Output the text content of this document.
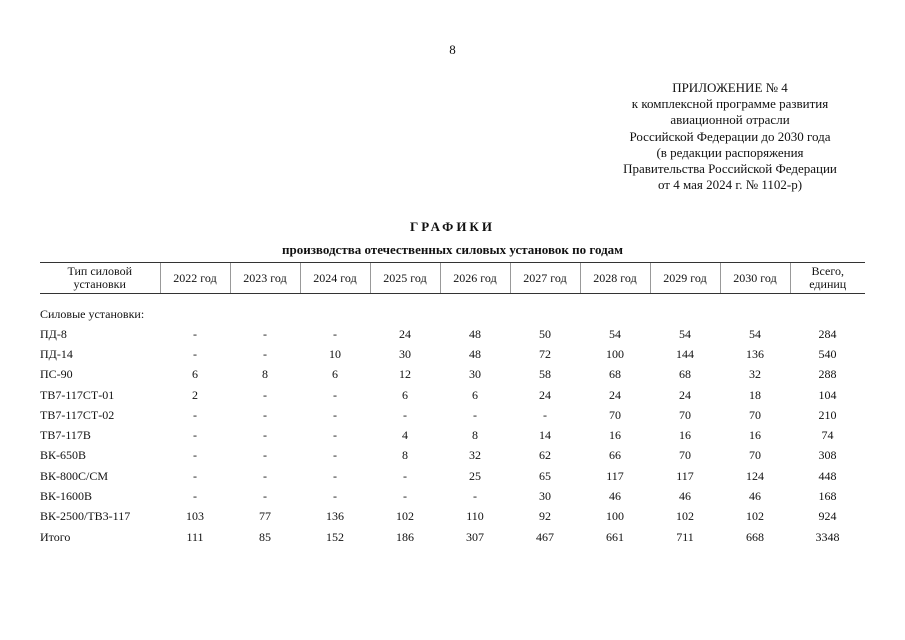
8
ПРИЛОЖЕНИЕ № 4
к комплексной программе развития
авиационной отрасли
Российской Федерации до 2030 года
(в редакции распоряжения
Правительства Российской Федерации
от 4 мая 2024 г. № 1102-р)
ГРАФИКИ
производства отечественных силовых установок по годам
Тип силовой установки	2022 год	2023 год	2024 год	2025 год	2026 год	2027 год	2028 год	2029 год	2030 год	Всего, единиц
Силовые установки:										
ПД-8	-	-	-	24	48	50	54	54	54	284
ПД-14	-	-	10	30	48	72	100	144	136	540
ПС-90	6	8	6	12	30	58	68	68	32	288
ТВ7-117СТ-01	2	-	-	6	6	24	24	24	18	104
ТВ7-117СТ-02	-	-	-	-	-	-	70	70	70	210
ТВ7-117В	-	-	-	4	8	14	16	16	16	74
ВК-650В	-	-	-	8	32	62	66	70	70	308
ВК-800С/СМ	-	-	-	-	25	65	117	117	124	448
ВК-1600В	-	-	-	-	-	30	46	46	46	168
ВК-2500/ТВ3-117	103	77	136	102	110	92	100	102	102	924
Итого	111	85	152	186	307	467	661	711	668	3348
